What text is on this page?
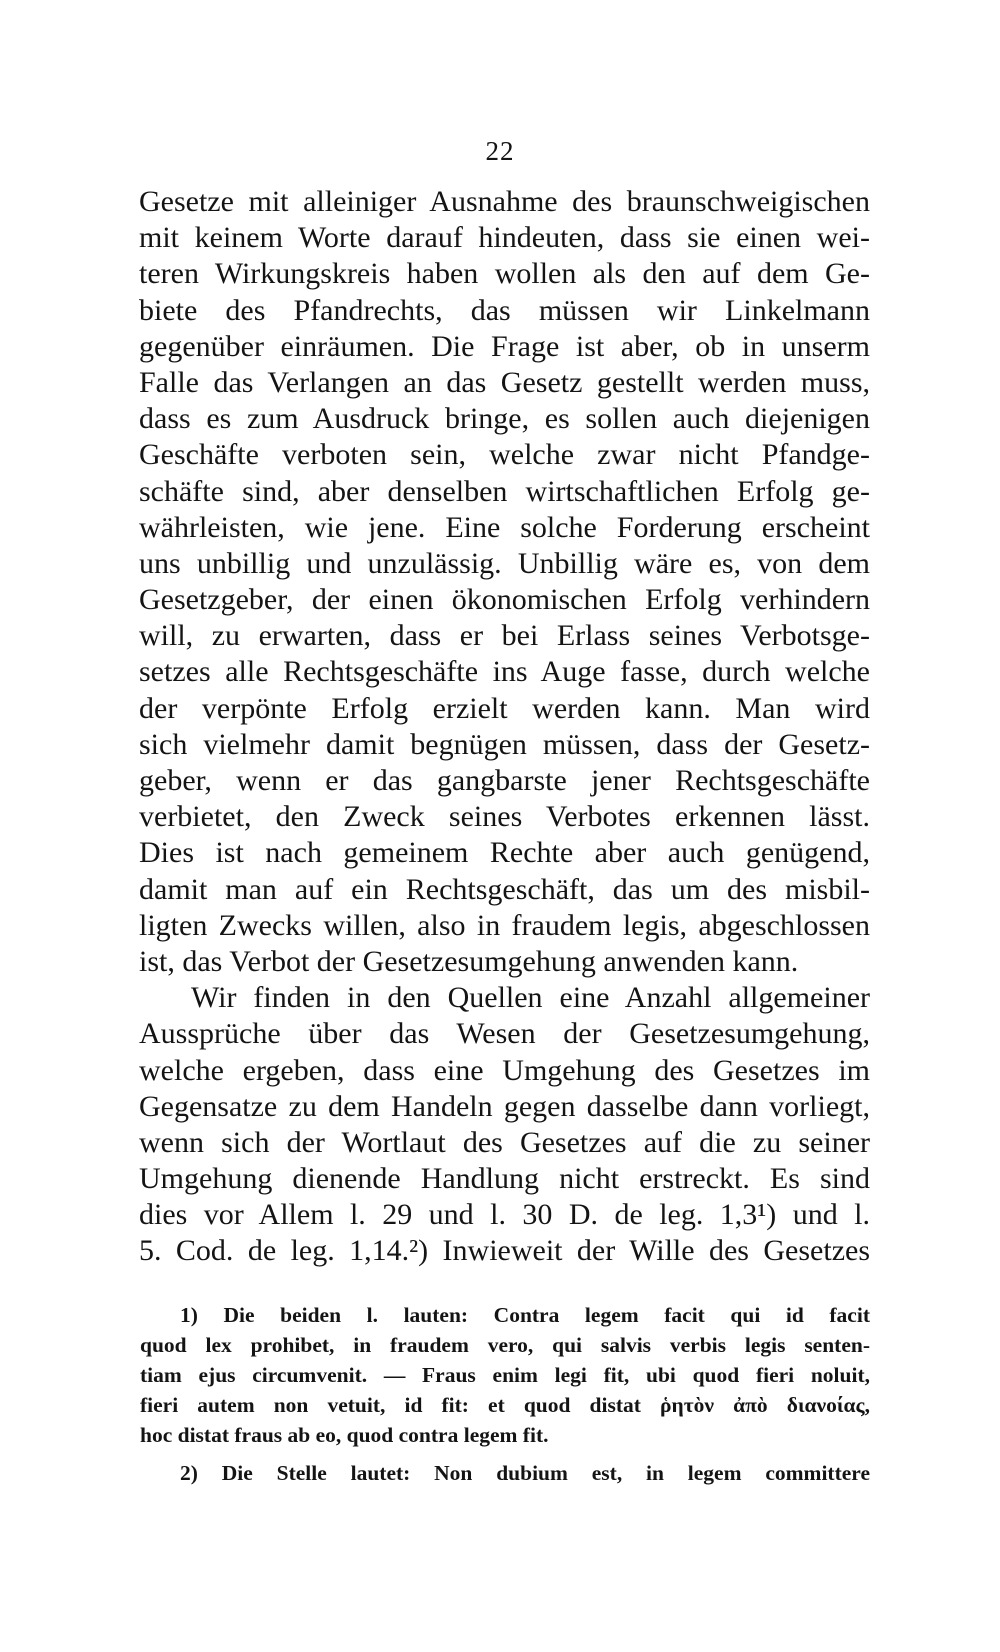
22
Gesetze mit alleiniger Ausnahme des braunschweigischen
mit keinem Worte darauf hindeuten, dass sie einen wei-
teren Wirkungskreis haben wollen als den auf dem Ge-
biete des Pfandrechts, das müssen wir Linkelmann
gegenüber einräumen. Die Frage ist aber, ob in unserm
Falle das Verlangen an das Gesetz gestellt werden muss,
dass es zum Ausdruck bringe, es sollen auch diejenigen
Geschäfte verboten sein, welche zwar nicht Pfandge-
schäfte sind, aber denselben wirtschaftlichen Erfolg ge-
währleisten, wie jene. Eine solche Forderung erscheint
uns unbillig und unzulässig. Unbillig wäre es, von dem
Gesetzgeber, der einen ökonomischen Erfolg verhindern
will, zu erwarten, dass er bei Erlass seines Verbotsge-
setzes alle Rechtsgeschäfte ins Auge fasse, durch welche
der verpönte Erfolg erzielt werden kann. Man wird
sich vielmehr damit begnügen müssen, dass der Gesetz-
geber, wenn er das gangbarste jener Rechtsgeschäfte
verbietet, den Zweck seines Verbotes erkennen lässt.
Dies ist nach gemeinem Rechte aber auch genügend,
damit man auf ein Rechtsgeschäft, das um des misbil-
ligten Zwecks willen, also in fraudem legis, abgeschlossen
ist, das Verbot der Gesetzesumgehung anwenden kann.
Wir finden in den Quellen eine Anzahl allgemeiner
Aussprüche über das Wesen der Gesetzesumgehung,
welche ergeben, dass eine Umgehung des Gesetzes im
Gegensatze zu dem Handeln gegen dasselbe dann vorliegt,
wenn sich der Wortlaut des Gesetzes auf die zu seiner
Umgehung dienende Handlung nicht erstreckt. Es sind
dies vor Allem l. 29 und l. 30 D. de leg. 1,3¹) und l.
5. Cod. de leg. 1,14.²) Inwieweit der Wille des Gesetzes
1) Die beiden l. lauten: Contra legem facit qui id facit
quod lex prohibet, in fraudem vero, qui salvis verbis legis senten-
tiam ejus circumvenit. — Fraus enim legi fit, ubi quod fieri noluit,
fieri autem non vetuit, id fit: et quod distat ῥητὸν ἀπὸ διανοίας,
hoc distat fraus ab eo, quod contra legem fit.
2) Die Stelle lautet: Non dubium est, in legem committere
